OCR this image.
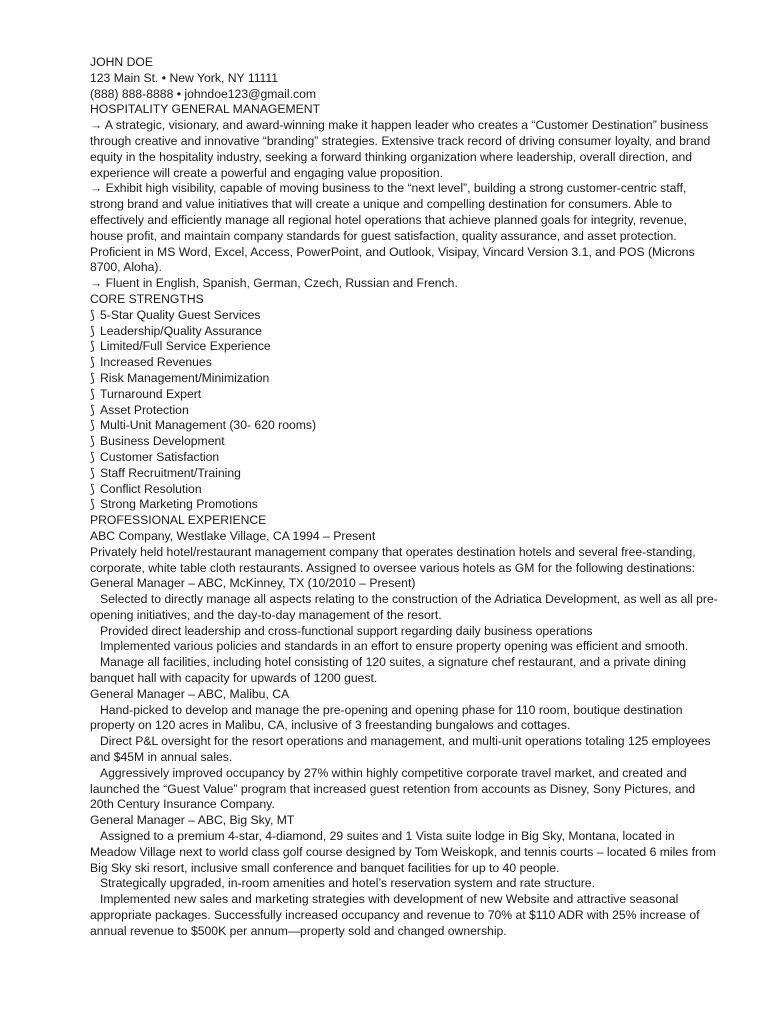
JOHN DOE
123 Main St. • New York, NY 11111
(888) 888-8888 • johndoe123@gmail.com
HOSPITALITY GENERAL MANAGEMENT
→ A strategic, visionary, and award-winning make it happen leader who creates a “Customer Destination” business through creative and innovative “branding” strategies. Extensive track record of driving consumer loyalty, and brand equity in the hospitality industry, seeking a forward thinking organization where leadership, overall direction, and experience will create a powerful and engaging value proposition.
→ Exhibit high visibility, capable of moving business to the “next level”, building a strong customer-centric staff, strong brand and value initiatives that will create a unique and compelling destination for consumers. Able to effectively and efficiently manage all regional hotel operations that achieve planned goals for integrity, revenue, house profit, and maintain company standards for guest satisfaction, quality assurance, and asset protection. Proficient in MS Word, Excel, Access, PowerPoint, and Outlook, Visipay, Vincard Version 3.1, and POS (Microns 8700, Aloha).
→ Fluent in English, Spanish, German, Czech, Russian and French.
CORE STRENGTHS
⟆ 5-Star Quality Guest Services
⟆ Leadership/Quality Assurance
⟆ Limited/Full Service Experience
⟆ Increased Revenues
⟆ Risk Management/Minimization
⟆ Turnaround Expert
⟆ Asset Protection
⟆ Multi-Unit Management (30- 620 rooms)
⟆ Business Development
⟆ Customer Satisfaction
⟆ Staff Recruitment/Training
⟆ Conflict Resolution
⟆ Strong Marketing Promotions
PROFESSIONAL EXPERIENCE
ABC Company, Westlake Village, CA 1994 – Present
Privately held hotel/restaurant management company that operates destination hotels and several free-standing, corporate, white table cloth restaurants. Assigned to oversee various hotels as GM for the following destinations:
General Manager – ABC, McKinney, TX (10/2010 – Present)
Selected to directly manage all aspects relating to the construction of the Adriatica Development, as well as all pre-opening initiatives, and the day-to-day management of the resort.
Provided direct leadership and cross-functional support regarding daily business operations
Implemented various policies and standards in an effort to ensure property opening was efficient and smooth.
Manage all facilities, including hotel consisting of 120 suites, a signature chef restaurant, and a private dining banquet hall with capacity for upwards of 1200 guest.
General Manager – ABC, Malibu, CA
Hand-picked to develop and manage the pre-opening and opening phase for 110 room, boutique destination property on 120 acres in Malibu, CA, inclusive of 3 freestanding bungalows and cottages.
Direct P&L oversight for the resort operations and management, and multi-unit operations totaling 125 employees and $45M in annual sales.
Aggressively improved occupancy by 27% within highly competitive corporate travel market, and created and launched the “Guest Value” program that increased guest retention from accounts as Disney, Sony Pictures, and 20th Century Insurance Company.
General Manager – ABC, Big Sky, MT
Assigned to a premium 4-star, 4-diamond, 29 suites and 1 Vista suite lodge in Big Sky, Montana, located in Meadow Village next to world class golf course designed by Tom Weiskopk, and tennis courts – located 6 miles from Big Sky ski resort, inclusive small conference and banquet facilities for up to 40 people.
Strategically upgraded, in-room amenities and hotel’s reservation system and rate structure.
Implemented new sales and marketing strategies with development of new Website and attractive seasonal appropriate packages. Successfully increased occupancy and revenue to 70% at $110 ADR with 25% increase of annual revenue to $500K per annum—property sold and changed ownership.
